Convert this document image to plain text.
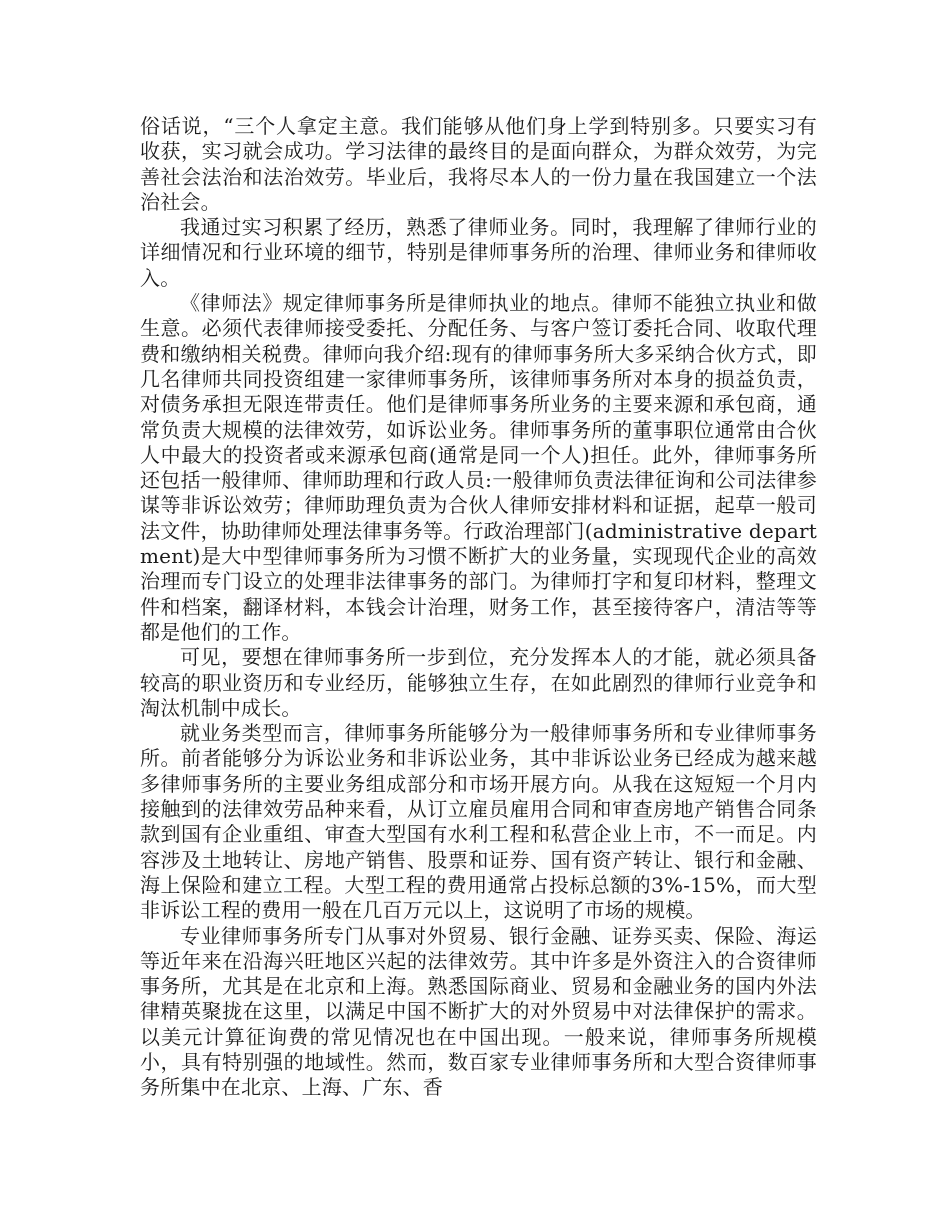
俗话说，“三个人拿定主意。我们能够从他们身上学到特别多。只要实习有收获，实习就会成功。学习法律的最终目的是面向群众，为群众效劳，为完善社会法治和法治效劳。毕业后，我将尽本人的一份力量在我国建立一个法治社会。

我通过实习积累了经历，熟悉了律师业务。同时，我理解了律师行业的详细情况和行业环境的细节，特别是律师事务所的治理、律师业务和律师收入。

《律师法》规定律师事务所是律师执业的地点。律师不能独立执业和做生意。必须代表律师接受委托、分配任务、与客户签订委托合同、收取代理费和缴纳相关税费。律师向我介绍:现有的律师事务所大多采纳合伙方式，即几名律师共同投资组建一家律师事务所，该律师事务所对本身的损益负责，对债务承担无限连带责任。他们是律师事务所业务的主要来源和承包商，通常负责大规模的法律效劳，如诉讼业务。律师事务所的董事职位通常由合伙人中最大的投资者或来源承包商(通常是同一个人)担任。此外，律师事务所还包括一般律师、律师助理和行政人员:一般律师负责法律征询和公司法律参谋等非诉讼效劳；律师助理负责为合伙人律师安排材料和证据，起草一般司法文件，协助律师处理法律事务等。行政治理部门(administrative department)是大中型律师事务所为习惯不断扩大的业务量，实现现代企业的高效治理而专门设立的处理非法律事务的部门。为律师打字和复印材料，整理文件和档案，翻译材料，本钱会计治理，财务工作，甚至接待客户，清洁等等都是他们的工作。

可见，要想在律师事务所一步到位，充分发挥本人的才能，就必须具备较高的职业资历和专业经历，能够独立生存，在如此剧烈的律师行业竞争和淘汰机制中成长。

就业务类型而言，律师事务所能够分为一般律师事务所和专业律师事务所。前者能够分为诉讼业务和非诉讼业务，其中非诉讼业务已经成为越来越多律师事务所的主要业务组成部分和市场开展方向。从我在这短短一个月内接触到的法律效劳品种来看，从订立雇员雇用合同和审查房地产销售合同条款到国有企业重组、审查大型国有水利工程和私营企业上市，不一而足。内容涉及土地转让、房地产销售、股票和证券、国有资产转让、银行和金融、海上保险和建立工程。大型工程的费用通常占投标总额的3%-15%，而大型非诉讼工程的费用一般在几百万元以上，这说明了市场的规模。

专业律师事务所专门从事对外贸易、银行金融、证券买卖、保险、海运等近年来在沿海兴旺地区兴起的法律效劳。其中许多是外资注入的合资律师事务所，尤其是在北京和上海。熟悉国际商业、贸易和金融业务的国内外法律精英聚拢在这里，以满足中国不断扩大的对外贸易中对法律保护的需求。以美元计算征询费的常见情况也在中国出现。一般来说，律师事务所规模小，具有特别强的地域性。然而，数百家专业律师事务所和大型合资律师事务所集中在北京、上海、广东、香
